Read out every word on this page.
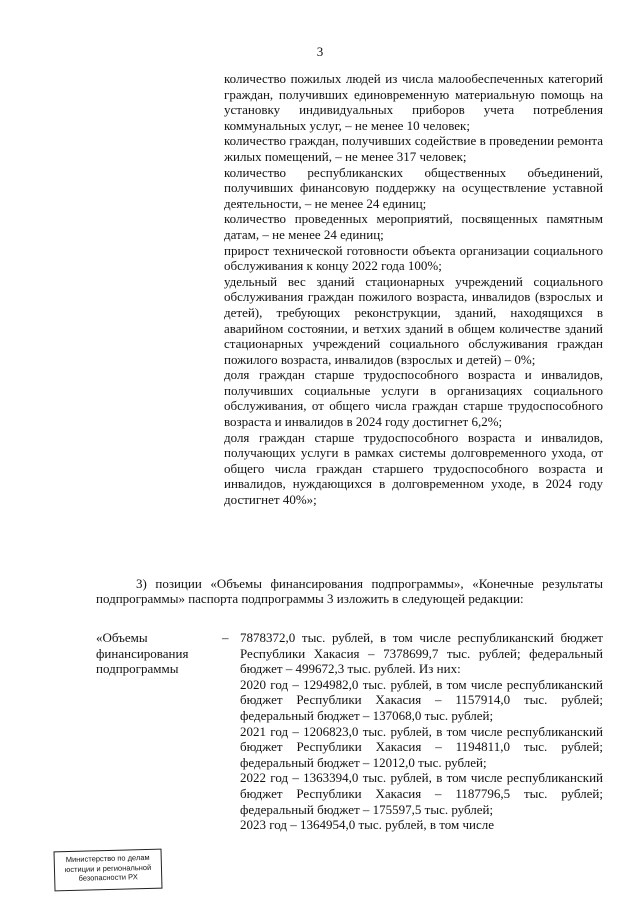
3
количество пожилых людей из числа малообеспеченных категорий граждан, получивших единовременную материальную помощь на установку индивидуальных приборов учета потребления коммунальных услуг, – не менее 10 человек;
количество граждан, получивших содействие в проведении ремонта жилых помещений, – не менее 317 человек;
количество республиканских общественных объединений, получивших финансовую поддержку на осуществление уставной деятельности, – не менее 24 единиц;
количество проведенных мероприятий, посвященных памятным датам, – не менее 24 единиц;
прирост технической готовности объекта организации социального обслуживания к концу 2022 года 100%;
удельный вес зданий стационарных учреждений социального обслуживания граждан пожилого возраста, инвалидов (взрослых и детей), требующих реконструкции, зданий, находящихся в аварийном состоянии, и ветхих зданий в общем количестве зданий стационарных учреждений социального обслуживания граждан пожилого возраста, инвалидов (взрослых и детей) – 0%;
доля граждан старше трудоспособного возраста и инвалидов, получивших социальные услуги в организациях социального обслуживания, от общего числа граждан старше трудоспособного возраста и инвалидов в 2024 году достигнет 6,2%;
доля граждан старше трудоспособного возраста и инвалидов, получающих услуги в рамках системы долговременного ухода, от общего числа граждан старшего трудоспособного возраста и инвалидов, нуждающихся в долговременном уходе, в 2024 году достигнет 40%»;

3) позиции «Объемы финансирования подпрограммы», «Конечные результаты подпрограммы» паспорта подпрограммы 3 изложить в следующей редакции:

«Объемы финансирования подпрограммы

– 7878372,0 тыс. рублей, в том числе республиканский бюджет Республики Хакасия – 7378699,7 тыс. рублей; федеральный бюджет – 499672,3 тыс. рублей. Из них:

2020 год – 1294982,0 тыс. рублей, в том числе республиканский бюджет Республики Хакасия – 1157914,0 тыс. рублей; федеральный бюджет – 137068,0 тыс. рублей;

2021 год – 1206823,0 тыс. рублей, в том числе республиканский бюджет Республики Хакасия – 1194811,0 тыс. рублей; федеральный бюджет – 12012,0 тыс. рублей;

2022 год – 1363394,0 тыс. рублей, в том числе республиканский бюджет Республики Хакасия – 1187796,5 тыс. рублей; федеральный бюджет – 175597,5 тыс. рублей;

2023 год – 1364954,0 тыс. рублей, в том числе

Министерство по делам
юстиции и региональной
безопасности РХ
